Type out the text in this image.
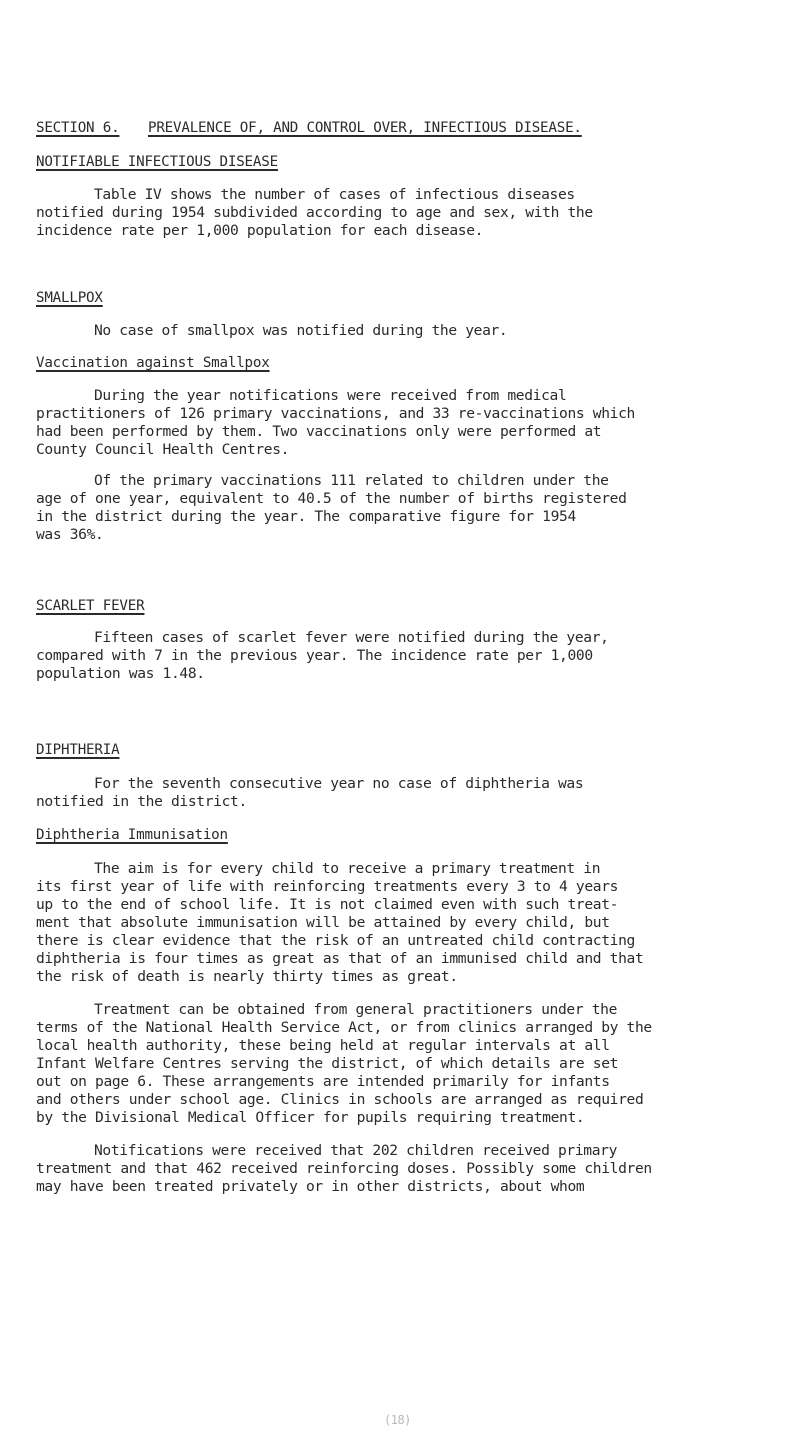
SECTION 6. PREVALENCE OF, AND CONTROL OVER, INFECTIOUS DISEASE.
NOTIFIABLE INFECTIOUS DISEASE
Table IV shows the number of cases of infectious diseases
notified during 1954 subdivided according to age and sex, with the
incidence rate per 1,000 population for each disease.
SMALLPOX
No case of smallpox was notified during the year.
Vaccination against Smallpox
During the year notifications were received from medical
practitioners of 126 primary vaccinations, and 33 re-vaccinations which
had been performed by them. Two vaccinations only were performed at
County Council Health Centres.
Of the primary vaccinations 111 related to children under the
age of one year, equivalent to 40.5 of the number of births registered
in the district during the year. The comparative figure for 1954
was 36%.
SCARLET FEVER
Fifteen cases of scarlet fever were notified during the year,
compared with 7 in the previous year. The incidence rate per 1,000
population was 1.48.
DIPHTHERIA
For the seventh consecutive year no case of diphtheria was
notified in the district.
Diphtheria Immunisation
The aim is for every child to receive a primary treatment in
its first year of life with reinforcing treatments every 3 to 4 years
up to the end of school life. It is not claimed even with such treat-
ment that absolute immunisation will be attained by every child, but
there is clear evidence that the risk of an untreated child contracting
diphtheria is four times as great as that of an immunised child and that
the risk of death is nearly thirty times as great.
Treatment can be obtained from general practitioners under the
terms of the National Health Service Act, or from clinics arranged by the
local health authority, these being held at regular intervals at all
Infant Welfare Centres serving the district, of which details are set
out on page 6. These arrangements are intended primarily for infants
and others under school age. Clinics in schools are arranged as required
by the Divisional Medical Officer for pupils requiring treatment.
Notifications were received that 202 children received primary
treatment and that 462 received reinforcing doses. Possibly some children
may have been treated privately or in other districts, about whom
(18)
